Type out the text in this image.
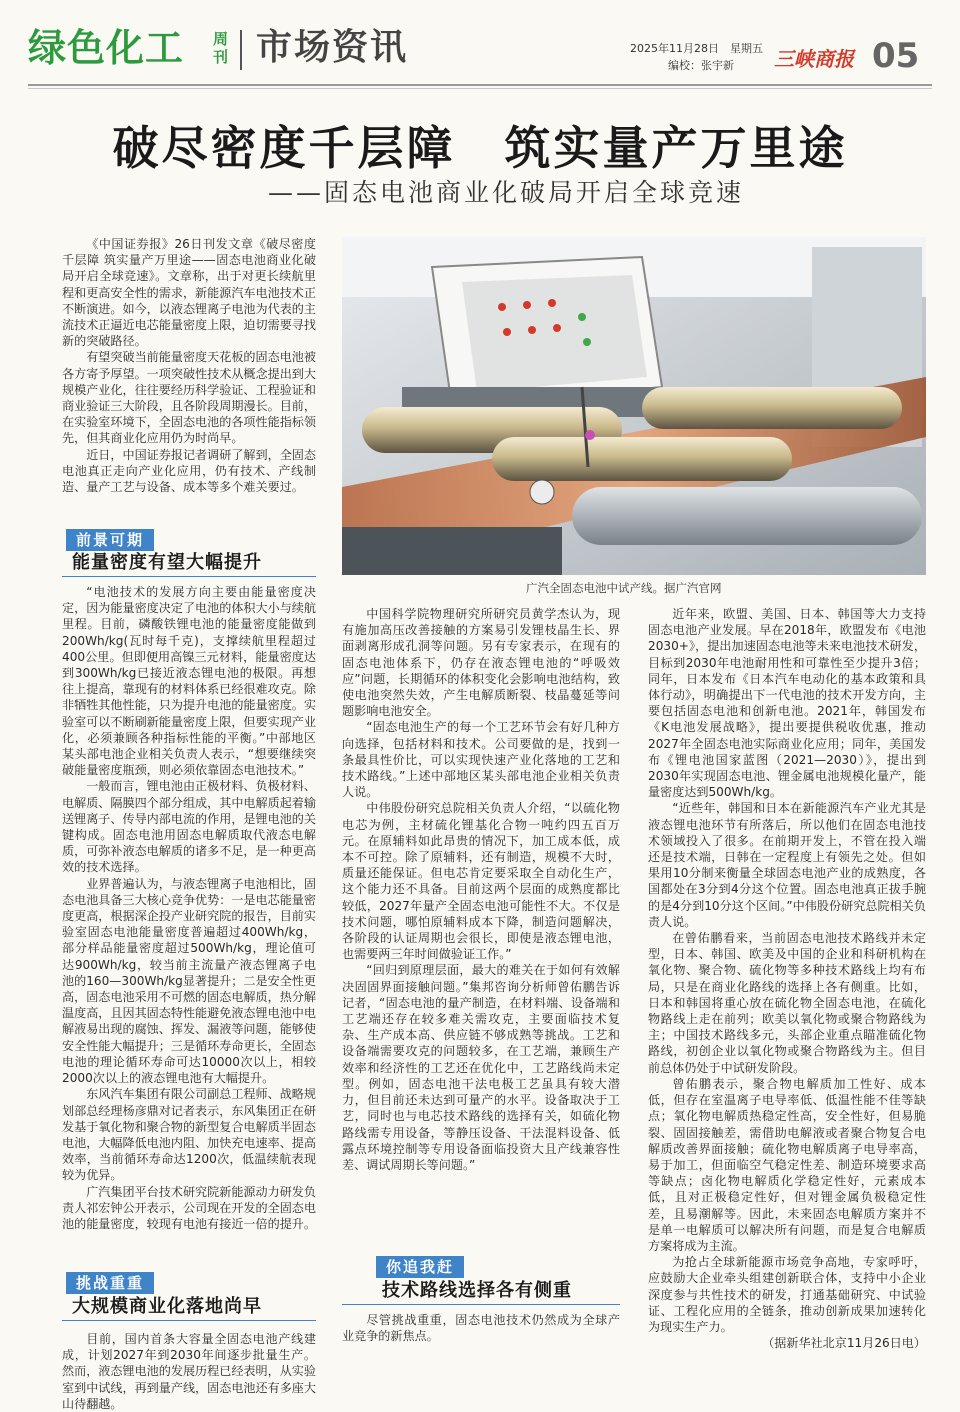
绿色化工 周刊 市场资讯	2025年11月28日　星期五
编校：张宇新 三峡商报 05
破尽密度千层障　筑实量产万里途
——固态电池商业化破局开启全球竞速
广汽全固态电池中试产线。据广汽官网

《中国证券报》26日刊发文章《破尽密度千层障 筑实量产万里途——固态电池商业化破局开启全球竞速》。文章称，出于对更长续航里程和更高安全性的需求，新能源汽车电池技术正不断演进。如今，以液态锂离子电池为代表的主流技术正逼近电芯能量密度上限，迫切需要寻找新的突破路径。

有望突破当前能量密度天花板的固态电池被各方寄予厚望。一项突破性技术从概念提出到大规模产业化，往往要经历科学验证、工程验证和商业验证三大阶段，且各阶段周期漫长。目前，在实验室环境下，全固态电池的各项性能指标领先，但其商业化应用仍为时尚早。

近日，中国证券报记者调研了解到，全固态电池真正走向产业化应用，仍有技术、产线制造、量产工艺与设备、成本等多个难关要过。

前景可期
能量密度有望大幅提升

“电池技术的发展方向主要由能量密度决定，因为能量密度决定了电池的体积大小与续航里程。目前，磷酸铁锂电池的能量密度能做到200Wh/kg(瓦时每千克)，支撑续航里程超过400公里。但即便用高镍三元材料，能量密度达到300Wh/kg已接近液态锂电池的极限。再想往上提高，靠现有的材料体系已经很难攻克。除非牺牲其他性能，只为提升电池的能量密度。实验室可以不断刷新能量密度上限，但要实现产业化，必须兼顾各种指标性能的平衡。”中部地区某头部电池企业相关负责人表示，“想要继续突破能量密度瓶颈，则必须依靠固态电池技术。”

一般而言，锂电池由正极材料、负极材料、电解质、隔膜四个部分组成，其中电解质起着输送锂离子、传导内部电流的作用，是锂电池的关键构成。固态电池用固态电解质取代液态电解质，可弥补液态电解质的诸多不足，是一种更高效的技术选择。

业界普遍认为，与液态锂离子电池相比，固态电池具备三大核心竞争优势：一是电芯能量密度更高，根据深企投产业研究院的报告，目前实验室固态电池能量密度普遍超过400Wh/kg，部分样品能量密度超过500Wh/kg，理论值可达900Wh/kg，较当前主流量产液态锂离子电池的160—300Wh/kg显著提升；二是安全性更高，固态电池采用不可燃的固态电解质，热分解温度高，且因其固态特性能避免液态锂电池中电解液易出现的腐蚀、挥发、漏液等问题，能够使安全性能大幅提升；三是循环寿命更长，全固态电池的理论循环寿命可达10000次以上，相较2000次以上的液态锂电池有大幅提升。

东风汽车集团有限公司副总工程师、战略规划部总经理杨彦鼎对记者表示，东风集团正在研发基于氧化物和聚合物的新型复合电解质半固态电池，大幅降低电池内阻、加快充电速率、提高效率，当前循环寿命达1200次，低温续航表现较为优异。

广汽集团平台技术研究院新能源动力研发负责人祁宏钟公开表示，公司现在开发的全固态电池的能量密度，较现有电池有接近一倍的提升。

挑战重重
大规模商业化落地尚早

目前，国内首条大容量全固态电池产线建成，计划2027年到2030年间逐步批量生产。然而，液态锂电池的发展历程已经表明，从实验室到中试线，再到量产线，固态电池还有多座大山待翻越。

中国科学院物理研究所研究员黄学杰认为，现有施加高压改善接触的方案易引发锂枝晶生长、界面剥离形成孔洞等问题。另有专家表示，在现有的固态电池体系下，仍存在液态锂电池的“呼吸效应”问题，长期循环的体积变化会影响电池结构，致使电池突然失效，产生电解质断裂、枝晶蔓延等问题影响电池安全。

“固态电池生产的每一个工艺环节会有好几种方向选择，包括材料和技术。公司要做的是，找到一条最具性价比，可以实现快速产业化落地的工艺和技术路线。”上述中部地区某头部电池企业相关负责人说。

中伟股份研究总院相关负责人介绍，“以硫化物电芯为例，主材硫化锂基化合物一吨约四五百万元。在原辅料如此昂贵的情况下，加工成本低，成本不可控。除了原辅料，还有制造，规模不大时，质量还能保证。但电芯肯定要采取全自动化生产，这个能力还不具备。目前这两个层面的成熟度都比较低，2027年量产全固态电池可能性不大。不仅是技术问题，哪怕原辅料成本下降，制造问题解决，各阶段的认证周期也会很长，即使是液态锂电池，也需要两三年时间做验证工作。”

“回归到原理层面，最大的难关在于如何有效解决固固界面接触问题。”集邦咨询分析师曾佑鹏告诉记者，“固态电池的量产制造，在材料端、设备端和工艺端还存在较多难关需攻克，主要面临技术复杂、生产成本高、供应链不够成熟等挑战。工艺和设备端需要攻克的问题较多，在工艺端，兼顾生产效率和经济性的工艺还在优化中，工艺路线尚未定型。例如，固态电池干法电极工艺虽具有较大潜力，但目前还未达到可量产的水平。设备取决于工艺，同时也与电芯技术路线的选择有关，如硫化物路线需专用设备，等静压设备、干法混料设备、低露点环境控制等专用设备面临投资大且产线兼容性差、调试周期长等问题。”

你追我赶
技术路线选择各有侧重

尽管挑战重重，固态电池技术仍然成为全球产业竞争的新焦点。

近年来，欧盟、美国、日本、韩国等大力支持固态电池产业发展。早在2018年，欧盟发布《电池2030+》，提出加速固态电池等未来电池技术研发，目标到2030年电池耐用性和可靠性至少提升3倍；同年，日本发布《日本汽车电动化的基本政策和具体行动》，明确提出下一代电池的技术开发方向，主要包括固态电池和创新电池。2021年，韩国发布《K电池发展战略》，提出要提供税收优惠，推动2027年全固态电池实际商业化应用；同年，美国发布《锂电池国家蓝图（2021—2030）》，提出到2030年实现固态电池、锂金属电池规模化量产，能量密度达到500Wh/kg。

“近些年，韩国和日本在新能源汽车产业尤其是液态锂电池环节有所落后，所以他们在固态电池技术领域投入了很多。在前期开发上，不管在投入端还是技术端，日韩在一定程度上有领先之处。但如果用10分制来衡量全球固态电池产业的成熟度，各国都处在3分到4分这个位置。固态电池真正拔手腕的是4分到10分这个区间。”中伟股份研究总院相关负责人说。

在曾佑鹏看来，当前固态电池技术路线并未定型，日本、韩国、欧美及中国的企业和科研机构在氧化物、聚合物、硫化物等多种技术路线上均有布局，只是在商业化路线的选择上各有侧重。比如，日本和韩国将重心放在硫化物全固态电池，在硫化物路线上走在前列；欧美以氧化物或聚合物路线为主；中国技术路线多元，头部企业重点瞄准硫化物路线，初创企业以氧化物或聚合物路线为主。但目前总体仍处于中试研发阶段。

曾佑鹏表示，聚合物电解质加工性好、成本低，但存在室温离子电导率低、低温性能不佳等缺点；氧化物电解质热稳定性高，安全性好，但易脆裂、固固接触差，需借助电解液或者聚合物复合电解质改善界面接触；硫化物电解质离子电导率高，易于加工，但面临空气稳定性差、制造环境要求高等缺点；卤化物电解质化学稳定性好，元素成本低，且对正极稳定性好，但对锂金属负极稳定性差，且易潮解等。因此，未来固态电解质方案并不是单一电解质可以解决所有问题，而是复合电解质方案将成为主流。

为抢占全球新能源市场竞争高地，专家呼吁，应鼓励大企业牵头组建创新联合体，支持中小企业深度参与共性技术的研发，打通基础研究、中试验证、工程化应用的全链条，推动创新成果加速转化为现实生产力。

（据新华社北京11月26日电）
